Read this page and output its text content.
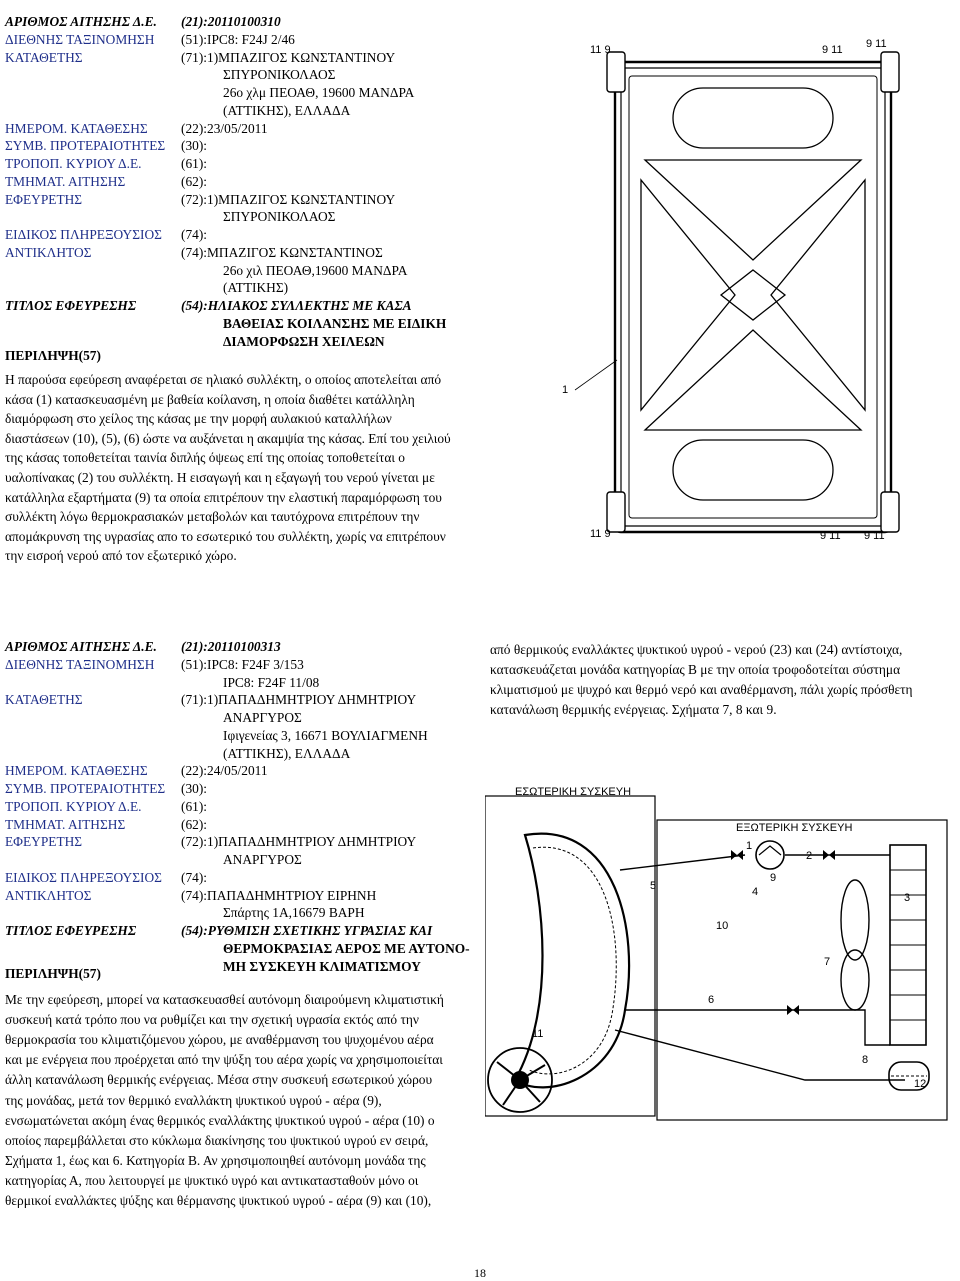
ΑΡΙΘΜΟΣ ΑΙΤΗΣΗΣ Δ.Ε. (21):20110100310
ΔΙΕΘΝΗΣ ΤΑΞΙΝΟΜΗΣΗ (51):IPC8: F24J 2/46
ΚΑΤΑΘΕΤΗΣ	(71):1)ΜΠΑΖΙΓΟΣ ΚΩΝΣΤΑΝΤΙΝΟΥ
ΣΠΥΡΟΝΙΚΟΛΑΟΣ
26ο χλμ ΠΕΟΑΘ, 19600 ΜΑΝΔΡΑ
(ΑΤΤΙΚΗΣ), ΕΛΛΑΔΑ
ΗΜΕΡΟΜ. ΚΑΤΑΘΕΣΗΣ (22):23/05/2011
ΣΥΜΒ. ΠΡΟΤΕΡΑΙΟΤΗΤΕΣ (30):
ΤΡΟΠΟΠ. ΚΥΡΙΟΥ Δ.Ε.	(61):
ΤΜΗΜΑΤ. ΑΙΤΗΣΗΣ	(62):
ΕΦΕΥΡΕΤΗΣ	(72):1)ΜΠΑΖΙΓΟΣ ΚΩΝΣΤΑΝΤΙΝΟΥ
ΣΠΥΡΟΝΙΚΟΛΑΟΣ
ΕΙΔΙΚΟΣ ΠΛΗΡΕΞΟΥΣΙΟΣ (74):
ΑΝΤΙΚΛΗΤΟΣ	(74):ΜΠΑΖΙΓΟΣ ΚΩΝΣΤΑΝΤΙΝΟΣ
26ο χιλ ΠΕΟΑΘ,19600 ΜΑΝΔΡΑ
(ΑΤΤΙΚΗΣ)
ΤΙΤΛΟΣ ΕΦΕΥΡΕΣΗΣ	(54):ΗΛΙΑΚΟΣ ΣΥΛΛΕΚΤΗΣ ΜΕ ΚΑΣΑ
ΒΑΘΕΙΑΣ ΚΟΙΛΑΝΣΗΣ ΜΕ ΕΙΔΙΚΗ
ΔΙΑΜΟΡΦΩΣΗ ΧΕΙΛΕΩΝ
ΠΕΡΙΛΗΨΗ(57)
Η παρούσα εφεύρεση αναφέρεται σε ηλιακό συλλέκτη, ο οποίος αποτελείται από
κάσα (1) κατασκευασμένη με βαθεία κοίλανση, η οποία διαθέτει κατάλληλη
διαμόρφωση στο χείλος της κάσας με την μορφή αυλακιού καταλλήλων
διαστάσεων (10), (5), (6) ώστε να αυξάνεται η ακαμψία της κάσας. Επί του χειλιού
της κάσας τοποθετείται ταινία διπλής όψεως επί της οποίας τοποθετείται ο
υαλοπίνακας (2) του συλλέκτη. Η εισαγωγή και η εξαγωγή του νερού γίνεται με
κατάλληλα εξαρτήματα (9) τα οποία επιτρέπουν την ελαστική παραμόρφωση του
συλλέκτη λόγω θερμοκρασιακών μεταβολών και ταυτόχρονα επιτρέπουν την
απομάκρυνση της υγρασίας απο το εσωτερικό του συλλέκτη, χωρίς να επιτρέπουν
την εισροή νερού από τον εξωτερικό χώρο.
11 9	9 11 9 11
1
11 9	9 11 9 11
ΑΡΙΘΜΟΣ ΑΙΤΗΣΗΣ Δ.Ε. (21):20110100313
ΔΙΕΘΝΗΣ ΤΑΞΙΝΟΜΗΣΗ (51):IPC8: F24F 3/153
IPC8: F24F 11/08
ΚΑΤΑΘΕΤΗΣ	(71):1)ΠΑΠΑΔΗΜΗΤΡΙΟΥ ΔΗΜΗΤΡΙΟΥ
ΑΝΑΡΓΥΡΟΣ
Ιφιγενείας 3, 16671 ΒΟΥΛΙΑΓΜΕΝΗ
(ΑΤΤΙΚΗΣ), ΕΛΛΑΔΑ
ΗΜΕΡΟΜ. ΚΑΤΑΘΕΣΗΣ (22):24/05/2011
ΣΥΜΒ. ΠΡΟΤΕΡΑΙΟΤΗΤΕΣ (30):
ΤΡΟΠΟΠ. ΚΥΡΙΟΥ Δ.Ε.	(61):
ΤΜΗΜΑΤ. ΑΙΤΗΣΗΣ	(62):
ΕΦΕΥΡΕΤΗΣ	(72):1)ΠΑΠΑΔΗΜΗΤΡΙΟΥ ΔΗΜΗΤΡΙΟΥ
ΑΝΑΡΓΥΡΟΣ
ΕΙΔΙΚΟΣ ΠΛΗΡΕΞΟΥΣΙΟΣ (74):
ΑΝΤΙΚΛΗΤΟΣ	(74):ΠΑΠΑΔΗΜΗΤΡΙΟΥ ΕΙΡΗΝΗ
Σπάρτης 1Α,16679 ΒΑΡΗ
ΤΙΤΛΟΣ ΕΦΕΥΡΕΣΗΣ	(54):ΡΥΘΜΙΣΗ ΣΧΕΤΙΚΗΣ ΥΓΡΑΣΙΑΣ ΚΑΙ
ΘΕΡΜΟΚΡΑΣΙΑΣ ΑΕΡΟΣ ΜΕ ΑΥΤΟΝΟ-
ΜΗ ΣΥΣΚΕΥΗ ΚΛΙΜΑΤΙΣΜΟΥ
ΠΕΡΙΛΗΨΗ(57)
Με την εφεύρεση, μπορεί να κατασκευασθεί αυτόνομη διαιρούμενη κλιματιστική
συσκευή κατά τρόπο που να ρυθμίζει και την σχετική υγρασία εκτός από την
θερμοκρασία του κλιματιζόμενου χώρου, με αναθέρμανση του ψυχομένου αέρα
και με ενέργεια που προέρχεται από την ψύξη του αέρα χωρίς να χρησιμοποιείται
άλλη κατανάλωση θερμικής ενέργειας. Μέσα στην συσκευή εσωτερικού χώρου
της μονάδας, μετά τον θερμικό εναλλάκτη ψυκτικού υγρού - αέρα (9),
ενσωματώνεται ακόμη ένας θερμικός εναλλάκτης ψυκτικού υγρού - αέρα (10) ο
οποίος παρεμβάλλεται στο κύκλωμα διακίνησης του ψυκτικού υγρού εν σειρά,
Σχήματα 1, έως και 6. Κατηγορία Β. Αν χρησιμοποιηθεί αυτόνομη μονάδα της
κατηγορίας Α, που λειτουργεί με ψυκτικό υγρό και αντικατασταθούν μόνο οι
θερμικοί εναλλάκτες ψύξης και θέρμανσης ψυκτικού υγρού - αέρα (9) και (10),
από θερμικούς εναλλάκτες ψυκτικού υγρού - νερού (23) και (24) αντίστοιχα,
κατασκευάζεται μονάδα κατηγορίας Β με την οποία τροφοδοτείται σύστημα
κλιματισμού με ψυχρό και θερμό νερό και αναθέρμανση, πάλι χωρίς πρόσθετη
κατανάλωση θερμικής ενέργειας. Σχήματα 7, 8 και 9.
ΕΣΩΤΕΡΙΚΗ ΣΥΣΚΕΥΗ
ΕΞΩΤΕΡΙΚΗ ΣΥΣΚΕΥΗ
1
2
3
4
5
6
7
8
9
10
11
12
18
